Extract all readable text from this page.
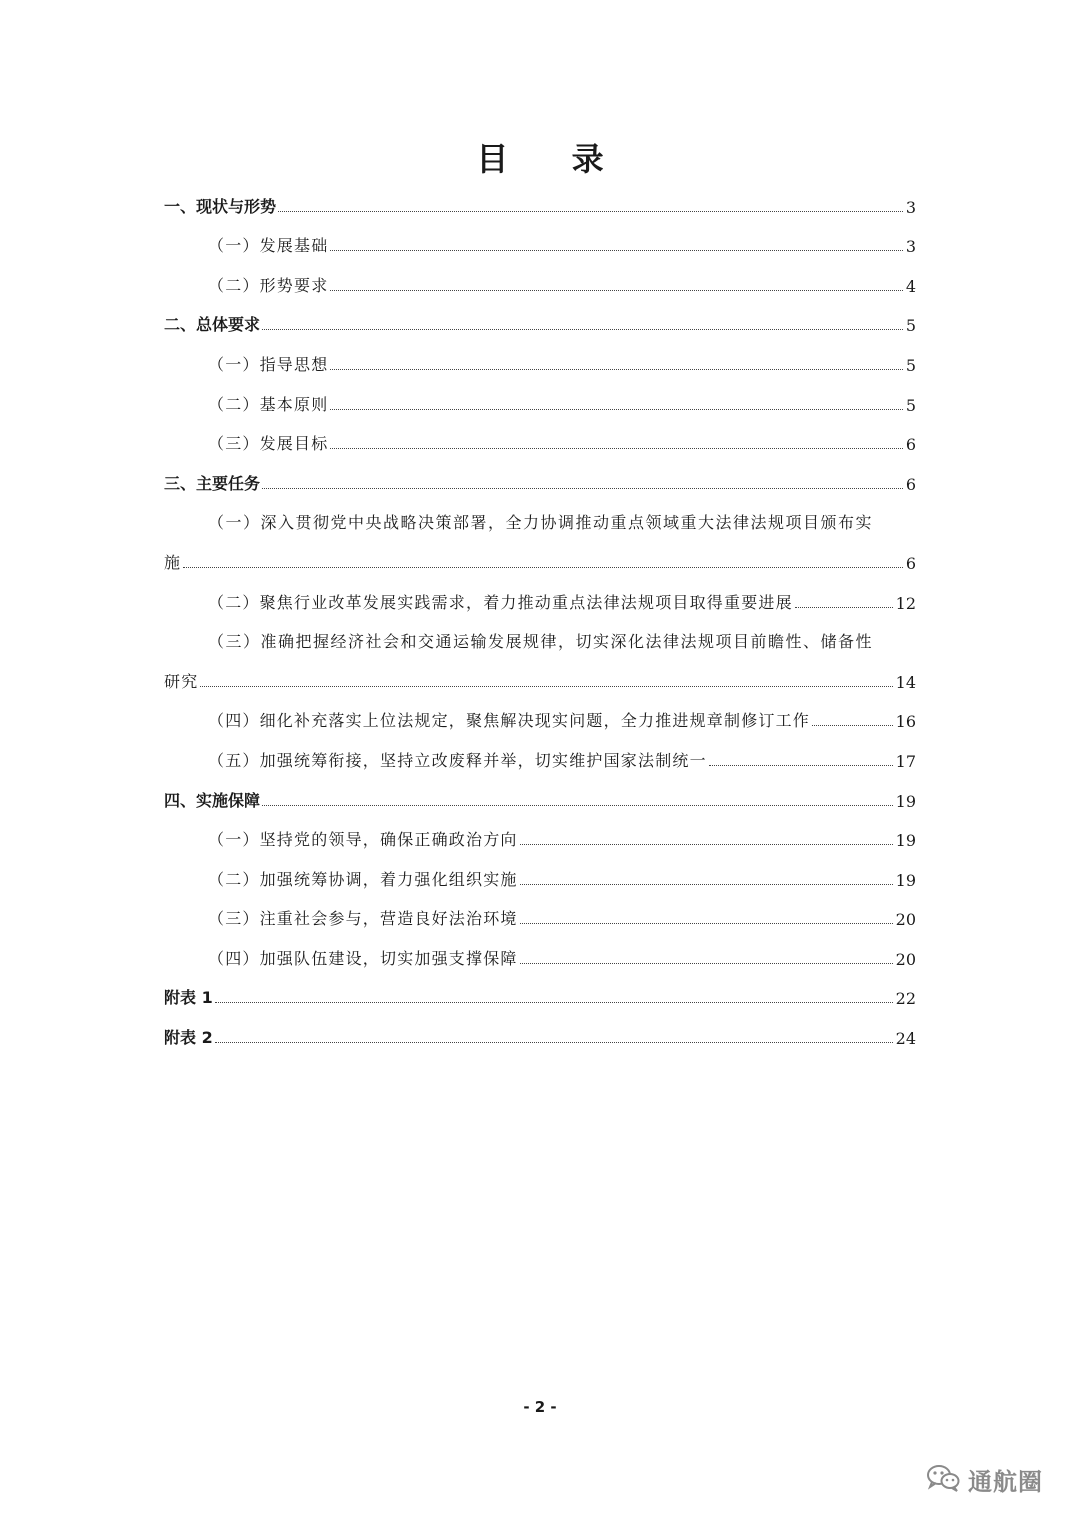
目 录
一、现状与形势	3
（一）发展基础	3
（二）形势要求	4
二、总体要求	5
（一）指导思想	5
（二）基本原则	5
（三）发展目标	6
三、主要任务	6
（一）深入贯彻党中央战略决策部署，全力协调推动重点领域重大法律法规项目颁布实
施	6
（二）聚焦行业改革发展实践需求，着力推动重点法律法规项目取得重要进展	12
（三）准确把握经济社会和交通运输发展规律，切实深化法律法规项目前瞻性、储备性
研究	14
（四）细化补充落实上位法规定，聚焦解决现实问题，全力推进规章制修订工作	16
（五）加强统筹衔接，坚持立改废释并举，切实维护国家法制统一	17
四、实施保障	19
（一）坚持党的领导，确保正确政治方向	19
（二）加强统筹协调，着力强化组织实施	19
（三）注重社会参与，营造良好法治环境	20
（四）加强队伍建设，切实加强支撑保障	20
附表 1	22
附表 2	24
- 2 -
通航圈
